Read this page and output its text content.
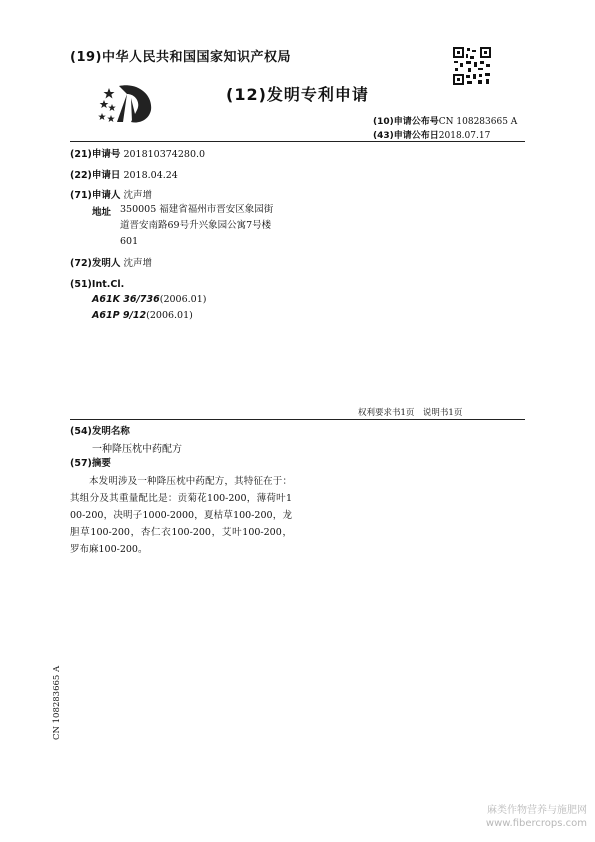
(19)中华人民共和国国家知识产权局
(12)发明专利申请
(10)申请公布号CN 108283665 A
(43)申请公布日2018.07.17
(21)申请号 201810374280.0
(22)申请日 2018.04.24
(71)申请人 沈声增
地址 350005 福建省福州市晋安区象园街
道晋安南路69号升兴象园公寓7号楼
601
(72)发明人 沈声增
(51)Int.Cl.
A61K 36/736(2006.01)
A61P 9/12(2006.01)
权利要求书1页　说明书1页
(54)发明名称
一种降压枕中药配方
(57)摘要
本发明涉及一种降压枕中药配方，其特征在于：其组分及其重量配比是：贡菊花100-200，薄荷叶100-200，决明子1000-2000，夏枯草100-200，龙胆草100-200，杏仁衣100-200，艾叶100-200，罗布麻100-200。
CN 108283665 A
麻类作物营养与施肥网
www.fibercrops.com
